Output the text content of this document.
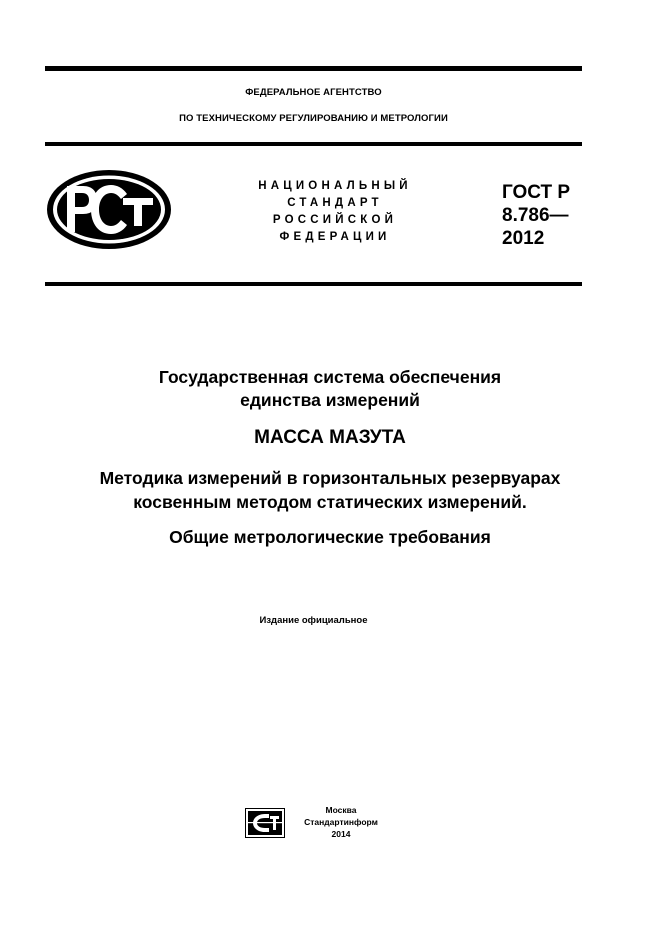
ФЕДЕРАЛЬНОЕ АГЕНТСТВО
ПО ТЕХНИЧЕСКОМУ РЕГУЛИРОВАНИЮ И МЕТРОЛОГИИ
НАЦИОНАЛЬНЫЙ
СТАНДАРТ
РОССИЙСКОЙ
ФЕДЕРАЦИИ
ГОСТ Р
8.786—
2012
Государственная система обеспечения
единства измерений
МАССА МАЗУТА
Методика измерений в горизонтальных резервуарах
косвенным методом статических измерений.
Общие метрологические требования
Издание официальное
Москва
Стандартинформ
2014
